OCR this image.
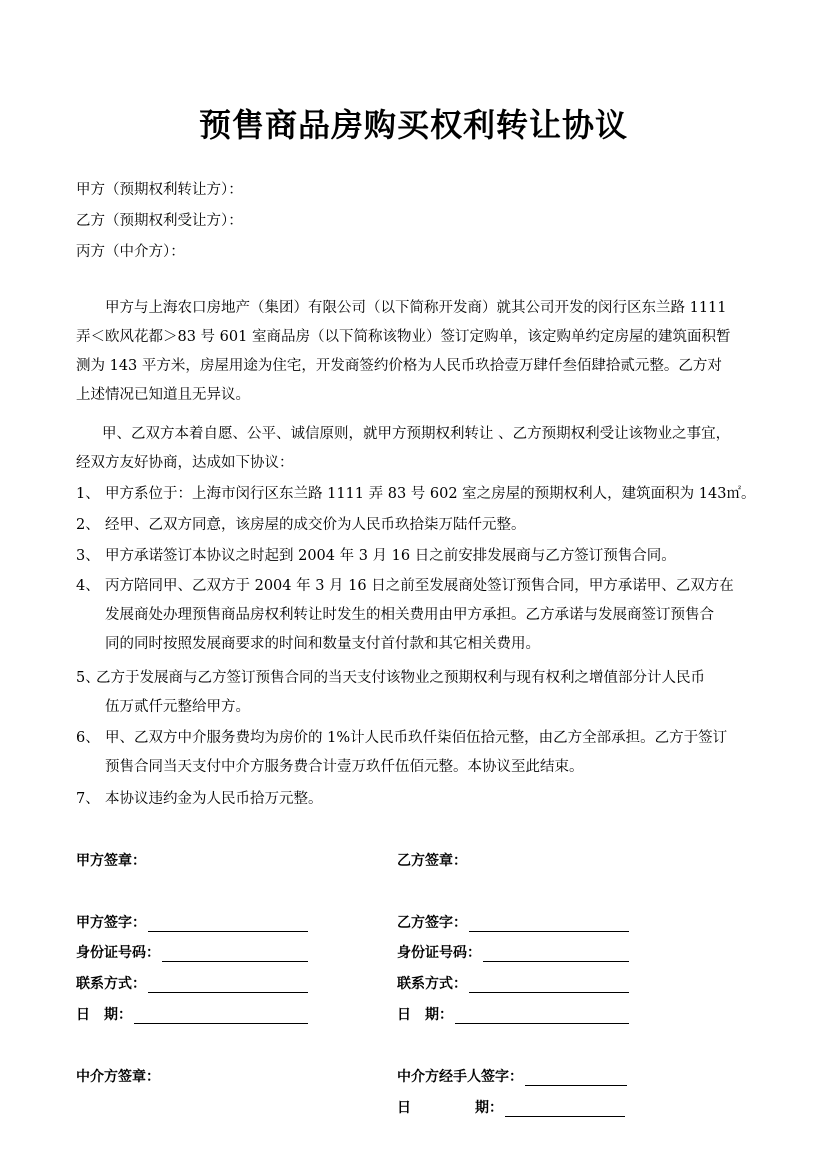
预售商品房购买权利转让协议
甲方（预期权利转让方）：
乙方（预期权利受让方）：
丙方（中介方）：
甲方与上海农口房地产（集团）有限公司（以下简称开发商）就其公司开发的闵行区东兰路 1111
弄＜欧风花都＞83 号 601 室商品房（以下简称该物业）签订定购单，该定购单约定房屋的建筑面积暂
测为 143 平方米，房屋用途为住宅，开发商签约价格为人民币玖拾壹万肆仟叁佰肆拾贰元整。乙方对
上述情况已知道且无异议。
甲、乙双方本着自愿、公平、诚信原则，就甲方预期权利转让 、乙方预期权利受让该物业之事宜，
经双方友好协商，达成如下协议：
1、 甲方系位于：上海市闵行区东兰路 1111 弄 83 号 602 室之房屋的预期权利人，建筑面积为 143㎡。
2、 经甲、乙双方同意，该房屋的成交价为人民币玖拾柒万陆仟元整。
3、 甲方承诺签订本协议之时起到 2004 年 3 月 16 日之前安排发展商与乙方签订预售合同。
4、 丙方陪同甲、乙双方于 2004 年 3 月 16 日之前至发展商处签订预售合同，甲方承诺甲、乙双方在
发展商处办理预售商品房权利转让时发生的相关费用由甲方承担。乙方承诺与发展商签订预售合
同的同时按照发展商要求的时间和数量支付首付款和其它相关费用。
5、
乙方于发展商与乙方签订预售合同的当天支付该物业之预期权利与现有权利之增值部分计人民币
伍万贰仟元整给甲方。
6、 甲、乙双方中介服务费均为房价的 1%计人民币玖仟柒佰伍拾元整，由乙方全部承担。乙方于签订
预售合同当天支付中介方服务费合计壹万玖仟伍佰元整。本协议至此结束。
7、 本协议违约金为人民币拾万元整。
甲方签章：	乙方签章：
甲方签字：	乙方签字：
身份证号码：	身份证号码：
联系方式：	联系方式：
日　期：	日　期：
中介方签章：	中介方经手人签字：
日	期：
